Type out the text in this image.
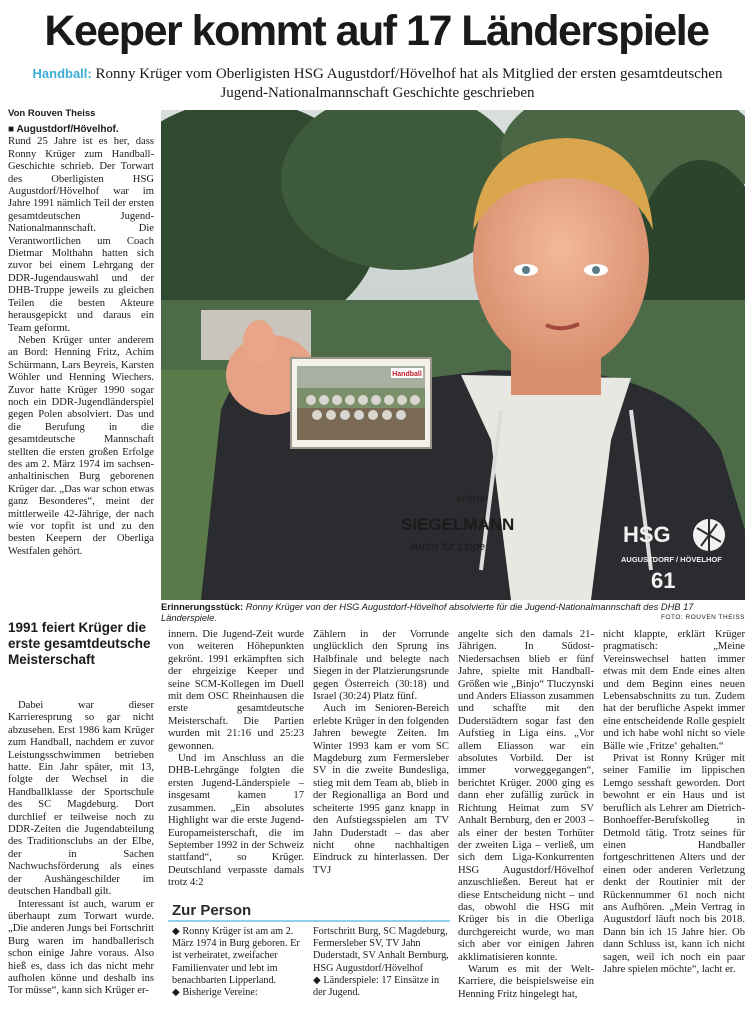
Keeper kommt auf 17 Länderspiele
Handball: Ronny Krüger vom Oberligisten HSG Augustdorf/Hövelhof hat als Mitglied der ersten gesamtdeutschen Jugend-Nationalmannschaft Geschichte geschrieben
Von Rouven Theiss

■ Augustdorf/Hövelhof.

Rund 25 Jahre ist es her, dass Ronny Krüger zum Handball-Geschichte schrieb. Der Torwart des Oberligisten HSG Augustdorf/Hövelhof war im Jahre 1991 nämlich Teil der ersten gesamtdeutschen Jugend-Nationalmannschaft. Die Verantwortlichen um Coach Dietmar Molthahn hatten sich zuvor bei einem Lehrgang der DDR-Jugendauswahl und der DHB-Truppe jeweils zu gleichen Teilen die besten Akteure herausgepickt und daraus ein Team geformt.

Neben Krüger unter anderem an Bord: Henning Fritz, Achim Schürmann, Lars Beyreis, Karsten Wöhler und Henning Wiechers. Zuvor hatte Krüger 1990 sogar noch ein DDR-Jugendländerspiel gegen Polen absolviert. Das und die Berufung in die gesamtdeutsche Mannschaft stellten die ersten großen Erfolge des am 2. März 1974 im sachsen-anhaltinischen Burg geborenen Krüger dar. „Das war schon etwas ganz Besonderes“, meint der mittlerweile 42-Jährige, der nach wie vor topfit ist und zu den besten Keepern der Oberliga Westfalen gehört.

Handball
erima
SIEGELMANN
Autos für Lippe	HSG
AUGUSTDORF / HÖVELHOF
61
Erinnerungsstück: Ronny Krüger von der HSG Augustdorf-Hövelhof absolvierte für die Jugend-Nationalmannschaft des DHB 17 Länderspiele.	FOTO: ROUVEN THEISS
1991 feiert Krüger die erste gesamtdeutsche Meisterschaft

Dabei war dieser Karrieresprung so gar nicht abzusehen. Erst 1986 kam Krüger zum Handball, nachdem er zuvor Leistungsschwimmen betrieben hatte. Ein Jahr später, mit 13, folgte der Wechsel in die Handballklasse der Sportschule des SC Magdeburg. Dort durchlief er teilweise noch zu DDR-Zeiten die Jugendabteilung des Traditionsclubs an der Elbe, der in Sachen Nachwuchsförderung als eines der Aushängeschilder im deutschen Handball gilt.

Interessant ist auch, warum er überhaupt zum Torwart wurde. „Die anderen Jungs bei Fortschritt Burg waren im handballerisch schon einige Jahre voraus. Also hieß es, dass ich das nicht mehr aufholen könne und deshalb ins Tor müsse“, kann sich Krüger er-

innern. Die Jugend-Zeit wurde von weiteren Höhepunkten gekrönt. 1991 erkämpften sich der ehrgeizige Keeper und seine SCM-Kollegen im Duell mit dem OSC Rheinhausen die erste gesamtdeutsche Meisterschaft. Die Partien wurden mit 21:16 und 25:23 gewonnen.

Und im Anschluss an die DHB-Lehrgänge folgten die ersten Jugend-Länderspiele – insgesamt kamen 17 zusammen. „Ein absolutes Highlight war die erste Jugend-Europameisterschaft, die im September 1992 in der Schweiz stattfand“, so Krüger. Deutschland verpasste damals trotz 4:2

Zählern in der Vorrunde unglücklich den Sprung ins Halbfinale und belegte nach Siegen in der Platzierungsrunde gegen Österreich (30:18) und Israel (30:24) Platz fünf.

Auch im Senioren-Bereich erlebte Krüger in den folgenden Jahren bewegte Zeiten. Im Winter 1993 kam er vom SC Magdeburg zum Fermersleber SV in die zweite Bundesliga, stieg mit dem Team ab, blieb in der Regionalliga an Bord und scheiterte 1995 ganz knapp in den Aufstiegsspielen am TV Jahn Duderstadt – das aber nicht ohne nachhaltigen Eindruck zu hinterlassen. Der TVJ

angelte sich den damals 21-Jährigen. In Südost-Niedersachsen blieb er fünf Jahre, spielte mit Handball-Größen wie „Binjo“ Tluczynski und Anders Eliasson zusammen und schaffte mit den Duderstädtern sogar fast den Aufstieg in Liga eins. „Vor allem Eliasson war ein absolutes Vorbild. Der ist immer vorweggegangen“, berichtet Krüger. 2000 ging es dann eher zufällig zurück in Richtung Heimat zum SV Anhalt Bernburg, den er 2003 – als einer der besten Torhüter der zweiten Liga – verließ, um sich dem Liga-Konkurrenten HSG Augustdorf/Hövelhof anzuschließen. Bereut hat er diese Entscheidung nicht – und das, obwohl die HSG mit Krüger bis in die Oberliga durchgereicht wurde, wo man sich aber vor einigen Jahren akklimatisieren konnte.

Warum es mit der Welt-Karriere, die beispielsweise ein Henning Fritz hingelegt hat,

nicht klappte, erklärt Krüger pragmatisch: „Meine Vereinswechsel hatten immer etwas mit dem Ende eines alten und dem Beginn eines neuen Lebensabschnitts zu tun. Zudem hat der berufliche Aspekt immer eine entscheidende Rolle gespielt und ich habe wohl nicht so viele Bälle wie ‚Fritze‘ gehalten.“

Privat ist Ronny Krüger mit seiner Familie im lippischen Lemgo sesshaft geworden. Dort bewohnt er ein Haus und ist beruflich als Lehrer am Dietrich-Bonhoeffer-Berufskolleg in Detmold tätig. Trotz seines für einen Handballer fortgeschrittenen Alters und der einen oder anderen Verletzung denkt der Routinier mit der Rückennummer 61 noch nicht ans Aufhören. „Mein Vertrag in Augustdorf läuft noch bis 2018. Dann bin ich 15 Jahre hier. Ob dann Schluss ist, kann ich nicht sagen, weil ich noch ein paar Jahre spielen möchte“, lacht er.

Zur Person
◆ Ronny Krüger ist am am 2. März 1974 in Burg geboren. Er ist verheiratet, zweifacher Familienvater und lebt im benachbarten Lipperland.
◆ Bisherige Vereine:
Fortschritt Burg, SC Magdeburg, Fermersleber SV, TV Jahn Duderstadt, SV Anhalt Bernburg, HSG Augustdorf/Hövelhof
◆ Länderspiele: 17 Einsätze in der Jugend.
